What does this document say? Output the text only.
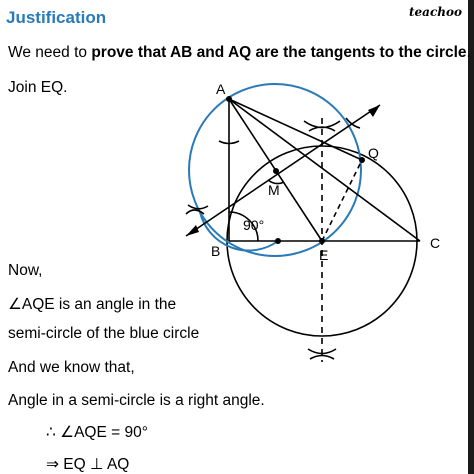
Justification	teachoo
We need to prove that AB and AQ are the tangents to the circle.
Join EQ.
Now,
∠AQE is an angle in the
semi-circle of the blue circle
And we know that,
Angle in a semi-circle is a right angle.
∴ ∠AQE = 90°
⇒ EQ ⊥ AQ
A
B	C
E
M
Q
90°
